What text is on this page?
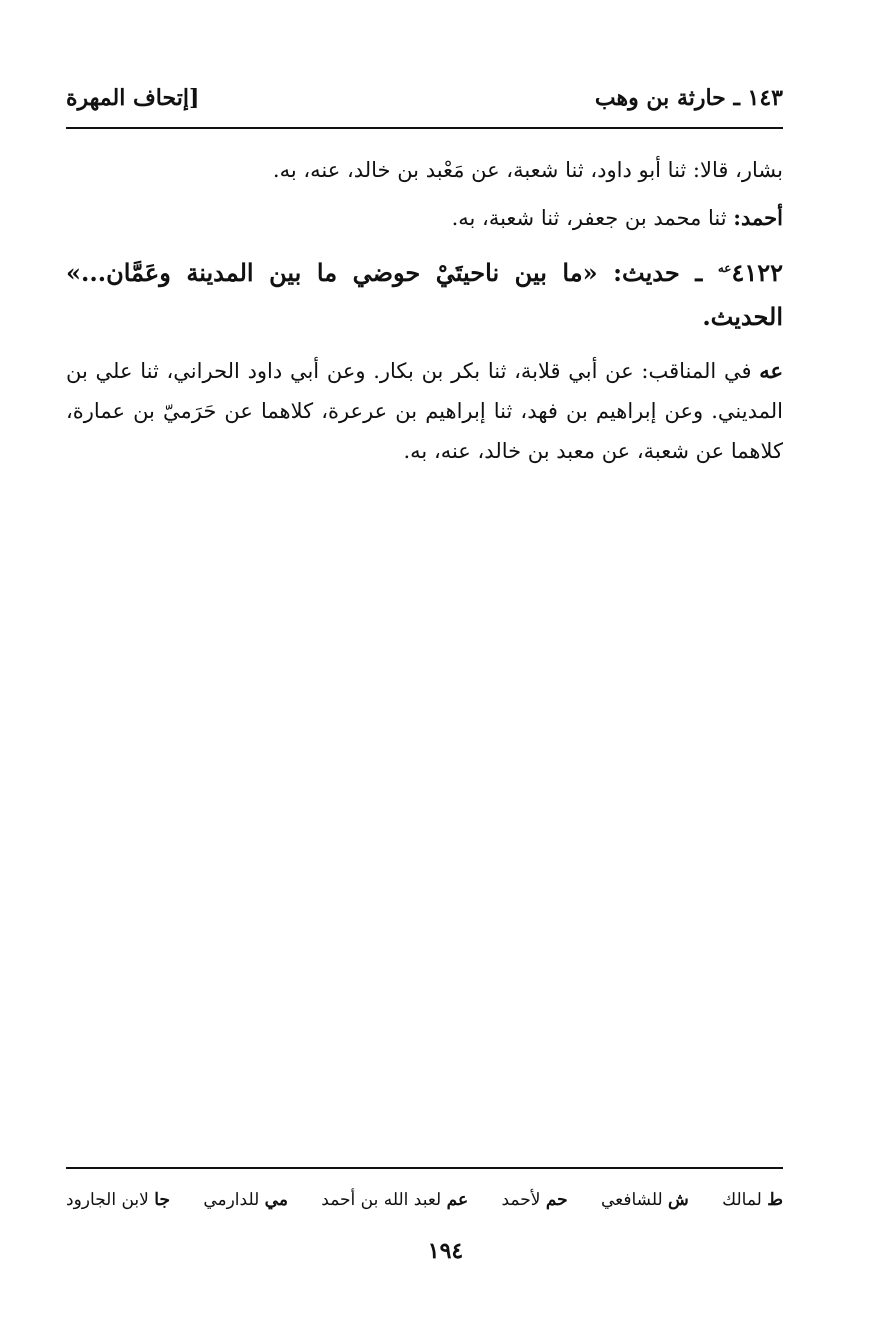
١٤٣ ـ حارثة بن وهب
[إتحاف المهرة

بشار، قالا: ثنا أبو داود، ثنا شعبة، عن مَعْبد بن خالد، عنه، به.

أحمد: ثنا محمد بن جعفر، ثنا شعبة، به.

$٤١٢٢^{عه}$ ـ حديث: «ما بين ناحيتَيْ حوضي ما بين المدينة وعَمَّان...» الحديث.

عه في المناقب: عن أبي قلابة، ثنا بكر بن بكار. وعن أبي داود الحراني، ثنا علي بن المديني. وعن إبراهيم بن فهد، ثنا إبراهيم بن عرعرة، كلاهما عن حَرَميّ بن عمارة، كلاهما عن شعبة، عن معبد بن خالد، عنه، به.

ط لمالك
ش للشافعي
حم لأحمد
عم لعبد الله بن أحمد
مي للدارمي
جا لابن الجارود
١٩٤
